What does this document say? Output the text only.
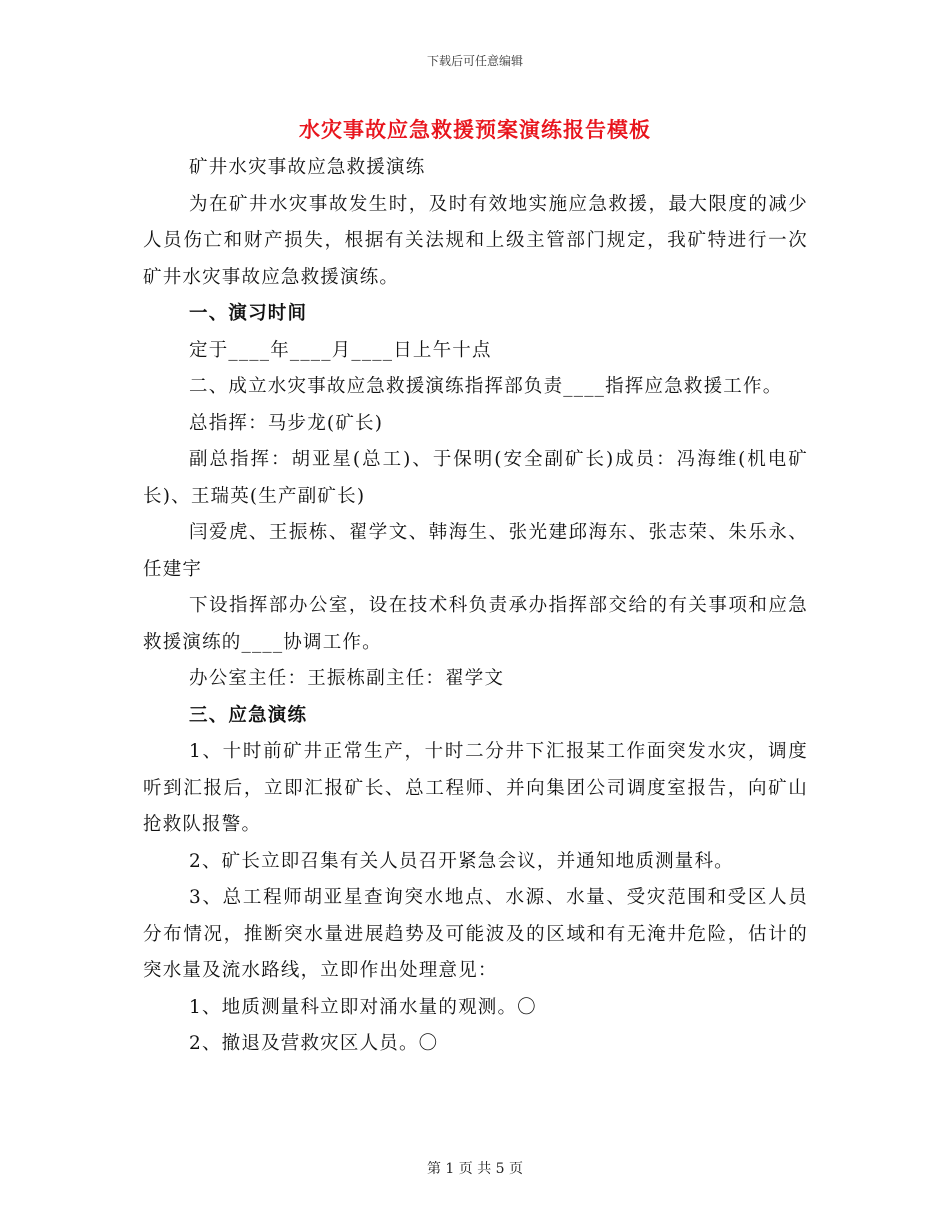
下载后可任意编辑
水灾事故应急救援预案演练报告模板

矿井水灾事故应急救援演练

为在矿井水灾事故发生时，及时有效地实施应急救援，最大限度的减少人员伤亡和财产损失，根据有关法规和上级主管部门规定，我矿特进行一次矿井水灾事故应急救援演练。

一、演习时间

定于____年____月____日上午十点

二、成立水灾事故应急救援演练指挥部负责____指挥应急救援工作。

总指挥：马步龙(矿长)

副总指挥：胡亚星(总工)、于保明(安全副矿长)成员：冯海维(机电矿长)、王瑞英(生产副矿长)

闫爱虎、王振栋、翟学文、韩海生、张光建邱海东、张志荣、朱乐永、任建宇

下设指挥部办公室，设在技术科负责承办指挥部交给的有关事项和应急救援演练的____协调工作。

办公室主任：王振栋副主任：翟学文

三、应急演练

1、十时前矿井正常生产，十时二分井下汇报某工作面突发水灾，调度听到汇报后，立即汇报矿长、总工程师、并向集团公司调度室报告，向矿山抢救队报警。

2、矿长立即召集有关人员召开紧急会议，并通知地质测量科。

3、总工程师胡亚星查询突水地点、水源、水量、受灾范围和受区人员分布情况，推断突水量进展趋势及可能波及的区域和有无淹井危险，估计的突水量及流水路线，立即作出处理意见：

1、地质测量科立即对涌水量的观测。〇

2、撤退及营救灾区人员。〇

第 1 页 共 5 页
